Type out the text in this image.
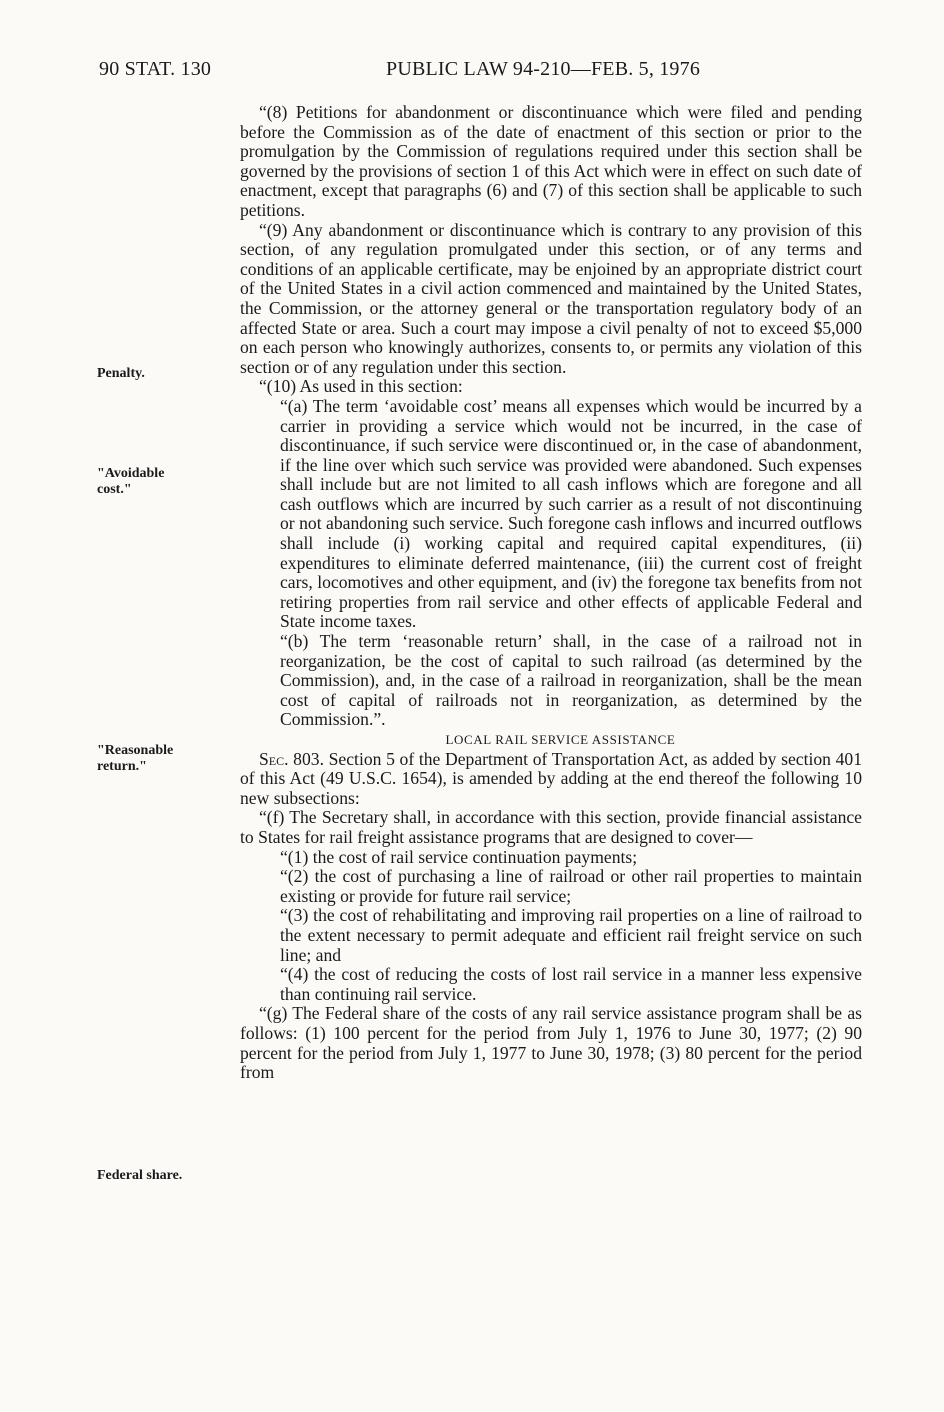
90 STAT. 130	PUBLIC LAW 94-210—FEB. 5, 1976
Penalty.
"Avoidable
cost."
"Reasonable
return."
Federal share.

“(8) Petitions for abandonment or discontinuance which were filed and pending before the Commission as of the date of enactment of this section or prior to the promulgation by the Commission of regulations required under this section shall be governed by the provisions of section 1 of this Act which were in effect on such date of enactment, except that paragraphs (6) and (7) of this section shall be applicable to such petitions.

“(9) Any abandonment or discontinuance which is contrary to any provision of this section, of any regulation promulgated under this section, or of any terms and conditions of an applicable certificate, may be enjoined by an appropriate district court of the United States in a civil action commenced and maintained by the United States, the Commission, or the attorney general or the transportation regulatory body of an affected State or area. Such a court may impose a civil penalty of not to exceed $5,000 on each person who knowingly authorizes, consents to, or permits any violation of this section or of any regulation under this section.

“(10) As used in this section:

“(a) The term ‘avoidable cost’ means all expenses which would be incurred by a carrier in providing a service which would not be incurred, in the case of discontinuance, if such service were discontinued or, in the case of abandonment, if the line over which such service was provided were abandoned. Such expenses shall include but are not limited to all cash inflows which are foregone and all cash outflows which are incurred by such carrier as a result of not discontinuing or not abandoning such service. Such foregone cash inflows and incurred outflows shall include (i) working capital and required capital expenditures, (ii) expenditures to eliminate deferred maintenance, (iii) the current cost of freight cars, locomotives and other equipment, and (iv) the foregone tax benefits from not retiring properties from rail service and other effects of applicable Federal and State income taxes.

“(b) The term ‘reasonable return’ shall, in the case of a railroad not in reorganization, be the cost of capital to such railroad (as determined by the Commission), and, in the case of a railroad in reorganization, shall be the mean cost of capital of railroads not in reorganization, as determined by the Commission.”.

LOCAL RAIL SERVICE ASSISTANCE

Sec. 803. Section 5 of the Department of Transportation Act, as added by section 401 of this Act (49 U.S.C. 1654), is amended by adding at the end thereof the following 10 new subsections:

“(f) The Secretary shall, in accordance with this section, provide financial assistance to States for rail freight assistance programs that are designed to cover—

“(1) the cost of rail service continuation payments;

“(2) the cost of purchasing a line of railroad or other rail properties to maintain existing or provide for future rail service;

“(3) the cost of rehabilitating and improving rail properties on a line of railroad to the extent necessary to permit adequate and efficient rail freight service on such line; and

“(4) the cost of reducing the costs of lost rail service in a manner less expensive than continuing rail service.

“(g) The Federal share of the costs of any rail service assistance program shall be as follows: (1) 100 percent for the period from July 1, 1976 to June 30, 1977; (2) 90 percent for the period from July 1, 1977 to June 30, 1978; (3) 80 percent for the period from
